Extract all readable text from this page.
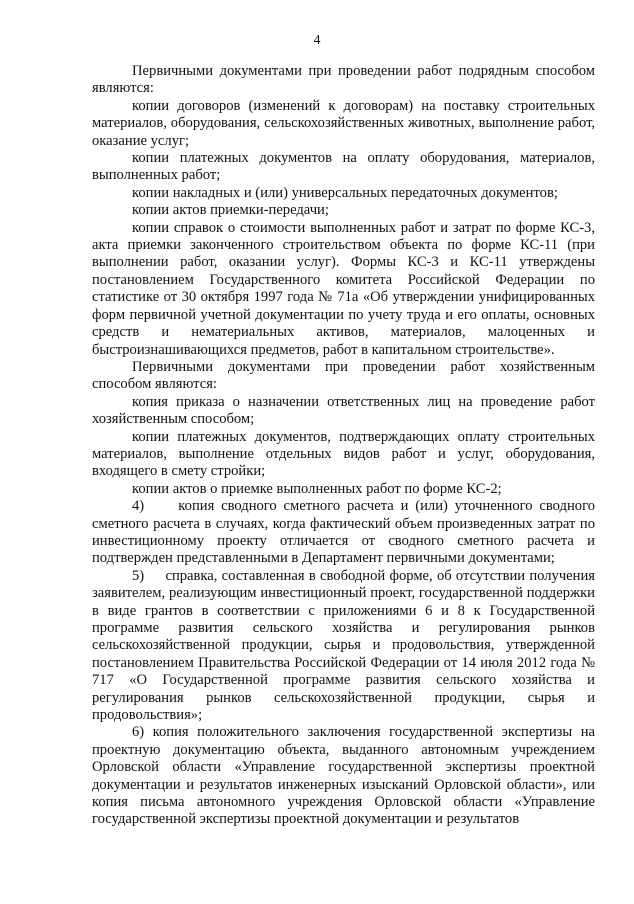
4

Первичными документами при проведении работ подрядным способом являются:

копии договоров (изменений к договорам) на поставку строительных материалов, оборудования, сельскохозяйственных животных, выполнение работ, оказание услуг;

копии платежных документов на оплату оборудования, материалов, выполненных работ;

копии накладных и (или) универсальных передаточных документов;

копии актов приемки-передачи;

копии справок о стоимости выполненных работ и затрат по форме КС-3, акта приемки законченного строительством объекта по форме КС-11 (при выполнении работ, оказании услуг). Формы КС-3 и КС-11 утверждены постановлением Государственного комитета Российской Федерации по статистике от 30 октября 1997 года № 71а «Об утверждении унифицированных форм первичной учетной документации по учету труда и его оплаты, основных средств и нематериальных активов, материалов, малоценных и быстроизнашивающихся предметов, работ в капитальном строительстве».

Первичными документами при проведении работ хозяйственным способом являются:

копия приказа о назначении ответственных лиц на проведение работ хозяйственным способом;

копии платежных документов, подтверждающих оплату строительных материалов, выполнение отдельных видов работ и услуг, оборудования, входящего в смету стройки;

копии актов о приемке выполненных работ по форме КС-2;

4)     копия сводного сметного расчета и (или) уточненного сводного сметного расчета в случаях, когда фактический объем произведенных затрат по инвестиционному проекту отличается от сводного сметного расчета и подтвержден представленными в Департамент первичными документами;

5)     справка, составленная в свободной форме, об отсутствии получения заявителем, реализующим инвестиционный проект, государственной поддержки в виде грантов в соответствии с приложениями 6 и 8 к Государственной программе развития сельского хозяйства и регулирования рынков сельскохозяйственной продукции, сырья и продовольствия, утвержденной постановлением Правительства Российской Федерации от 14 июля 2012 года № 717 «О Государственной программе развития сельского хозяйства и регулирования рынков сельскохозяйственной продукции, сырья и продовольствия»;

6) копия положительного заключения государственной экспертизы на проектную документацию объекта, выданного автономным учреждением Орловской области «Управление государственной экспертизы проектной документации и результатов инженерных изысканий Орловской области», или копия письма автономного учреждения Орловской области «Управление государственной экспертизы проектной документации и результатов
